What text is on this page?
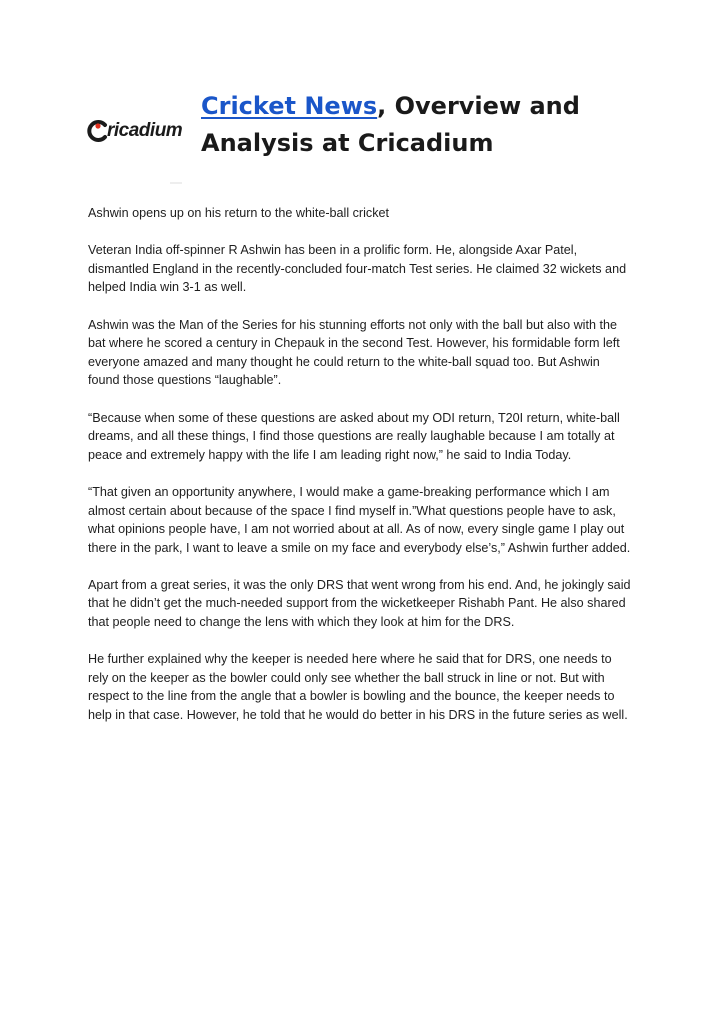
ricadium
Cricket News, Overview and Analysis at Cricadium

Ashwin opens up on his return to the white-ball cricket

Veteran India off-spinner R Ashwin has been in a prolific form. He, alongside Axar Patel, dismantled England in the recently-concluded four-match Test series. He claimed 32 wickets and helped India win 3-1 as well.

Ashwin was the Man of the Series for his stunning efforts not only with the ball but also with the bat where he scored a century in Chepauk in the second Test. However, his formidable form left everyone amazed and many thought he could return to the white-ball squad too. But Ashwin found those questions “laughable”.

“Because when some of these questions are asked about my ODI return, T20I return, white-ball dreams, and all these things, I find those questions are really laughable because I am totally at peace and extremely happy with the life I am leading right now,” he said to India Today.

“That given an opportunity anywhere, I would make a game-breaking performance which I am almost certain about because of the space I find myself in.”What questions people have to ask, what opinions people have, I am not worried about at all. As of now, every single game I play out there in the park, I want to leave a smile on my face and everybody else’s,” Ashwin further added.

Apart from a great series, it was the only DRS that went wrong from his end. And, he jokingly said that he didn’t get the much-needed support from the wicketkeeper Rishabh Pant. He also shared that people need to change the lens with which they look at him for the DRS.

He further explained why the keeper is needed here where he said that for DRS, one needs to rely on the keeper as the bowler could only see whether the ball struck in line or not. But with respect to the line from the angle that a bowler is bowling and the bounce, the keeper needs to help in that case. However, he told that he would do better in his DRS in the future series as well.
